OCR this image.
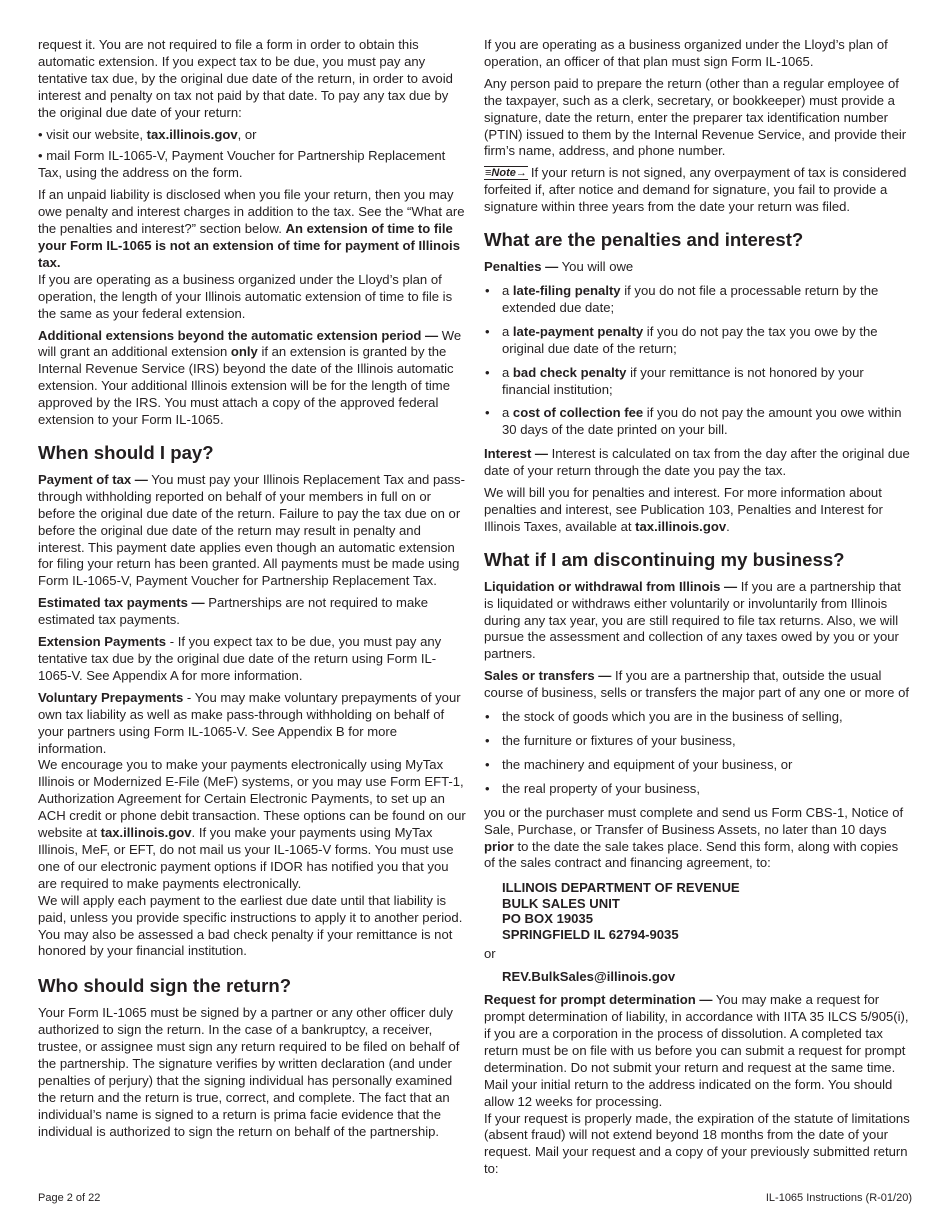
request it. You are not required to file a form in order to obtain this automatic extension. If you expect tax to be due, you must pay any tentative tax due, by the original due date of the return, in order to avoid interest and penalty on tax not paid by that date. To pay any tax due by the original due date of your return:

• visit our website, tax.illinois.gov, or

• mail Form IL-1065-V, Payment Voucher for Partnership Replacement Tax, using the address on the form.

If an unpaid liability is disclosed when you file your return, then you may owe penalty and interest charges in addition to the tax. See the “What are the penalties and interest?” section below. An extension of time to file your Form IL-1065 is not an extension of time for payment of Illinois tax.

If you are operating as a business organized under the Lloyd’s plan of operation, the length of your Illinois automatic extension of time to file is the same as your federal extension.

Additional extensions beyond the automatic extension period — We will grant an additional extension only if an extension is granted by the Internal Revenue Service (IRS) beyond the date of the Illinois automatic extension. Your additional Illinois extension will be for the length of time approved by the IRS. You must attach a copy of the approved federal extension to your Form IL-1065.

When should I pay?

Payment of tax — You must pay your Illinois Replacement Tax and pass-through withholding reported on behalf of your members in full on or before the original due date of the return. Failure to pay the tax due on or before the original due date of the return may result in penalty and interest. This payment date applies even though an automatic extension for filing your return has been granted. All payments must be made using Form IL-1065-V, Payment Voucher for Partnership Replacement Tax.

Estimated tax payments — Partnerships are not required to make estimated tax payments.

Extension Payments - If you expect tax to be due, you must pay any tentative tax due by the original due date of the return using Form IL-1065-V. See Appendix A for more information.

Voluntary Prepayments - You may make voluntary prepayments of your own tax liability as well as make pass-through withholding on behalf of your partners using Form IL-1065-V. See Appendix B for more information.

We encourage you to make your payments electronically using MyTax Illinois or Modernized E-File (MeF) systems, or you may use Form EFT-1, Authorization Agreement for Certain Electronic Payments, to set up an ACH credit or phone debit transaction. These options can be found on our website at tax.illinois.gov. If you make your payments using MyTax Illinois, MeF, or EFT, do not mail us your IL-1065-V forms. You must use one of our electronic payment options if IDOR has notified you that you are required to make payments electronically.

We will apply each payment to the earliest due date until that liability is paid, unless you provide specific instructions to apply it to another period. You may also be assessed a bad check penalty if your remittance is not honored by your financial institution.

Who should sign the return?

Your Form IL-1065 must be signed by a partner or any other officer duly authorized to sign the return. In the case of a bankruptcy, a receiver, trustee, or assignee must sign any return required to be filed on behalf of the partnership. The signature verifies by written declaration (and under penalties of perjury) that the signing individual has personally examined the return and the return is true, correct, and complete. The fact that an individual’s name is signed to a return is prima facie evidence that the individual is authorized to sign the return on behalf of the partnership.

If you are operating as a business organized under the Lloyd’s plan of operation, an officer of that plan must sign Form IL-1065.

Any person paid to prepare the return (other than a regular employee of the taxpayer, such as a clerk, secretary, or bookkeeper) must provide a signature, date the return, enter the preparer tax identification number (PTIN) issued to them by the Internal Revenue Service, and provide their firm’s name, address, and phone number.

≡Note→ If your return is not signed, any overpayment of tax is considered forfeited if, after notice and demand for signature, you fail to provide a signature within three years from the date your return was filed.

What are the penalties and interest?

Penalties — You will owe

• a late-filing penalty if you do not file a processable return by the extended due date;
• a late-payment penalty if you do not pay the tax you owe by the original due date of the return;
• a bad check penalty if your remittance is not honored by your financial institution;
• a cost of collection fee if you do not pay the amount you owe within 30 days of the date printed on your bill.

Interest — Interest is calculated on tax from the day after the original due date of your return through the date you pay the tax.

We will bill you for penalties and interest. For more information about penalties and interest, see Publication 103, Penalties and Interest for Illinois Taxes, available at tax.illinois.gov.

What if I am discontinuing my business?

Liquidation or withdrawal from Illinois — If you are a partnership that is liquidated or withdraws either voluntarily or involuntarily from Illinois during any tax year, you are still required to file tax returns. Also, we will pursue the assessment and collection of any taxes owed by you or your partners.

Sales or transfers — If you are a partnership that, outside the usual course of business, sells or transfers the major part of any one or more of

• the stock of goods which you are in the business of selling,
• the furniture or fixtures of your business,
• the machinery and equipment of your business, or
• the real property of your business,

you or the purchaser must complete and send us Form CBS-1, Notice of Sale, Purchase, or Transfer of Business Assets, no later than 10 days prior to the date the sale takes place. Send this form, along with copies of the sales contract and financing agreement, to:

ILLINOIS DEPARTMENT OF REVENUE
BULK SALES UNIT
PO BOX 19035
SPRINGFIELD IL 62794-9035

or

REV.BulkSales@illinois.gov

Request for prompt determination — You may make a request for prompt determination of liability, in accordance with IITA 35 ILCS 5/905(i), if you are a corporation in the process of dissolution. A completed tax return must be on file with us before you can submit a request for prompt determination. Do not submit your return and request at the same time. Mail your initial return to the address indicated on the form. You should allow 12 weeks for processing.

If your request is properly made, the expiration of the statute of limitations (absent fraud) will not extend beyond 18 months from the date of your request. Mail your request and a copy of your previously submitted return to:

Page 2 of 22	IL-1065 Instructions (R-01/20)
